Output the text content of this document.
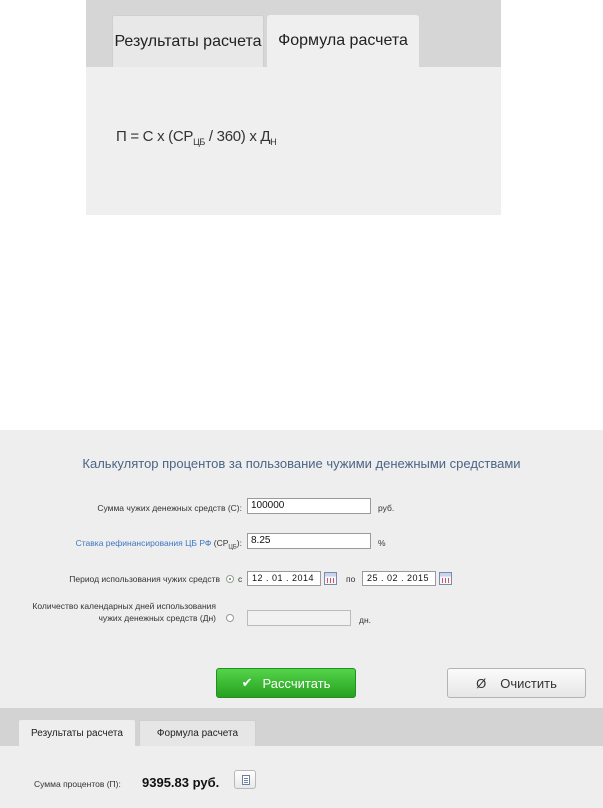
Результаты расчета	Формула расчета
П = С х $(СР_{ЦБ} / 360)$ х $Д_Н$
Калькулятор процентов за пользование чужими денежными средствами
Сумма чужих денежных средств (С): 100000	руб.
Ставка рефинансирования ЦБ РФ $(СР_{ЦБ})$: 8.25	%
Период использования чужих средств с	12 . 01 . 2014	по	25 . 02 . 2015
Количество календарных дней использования
чужих денежных средств (Дн)	дн.
✔ Рассчитать	Ø Очистить
Результаты расчета	Формула расчета
Сумма процентов (П): 9395.83 руб.
